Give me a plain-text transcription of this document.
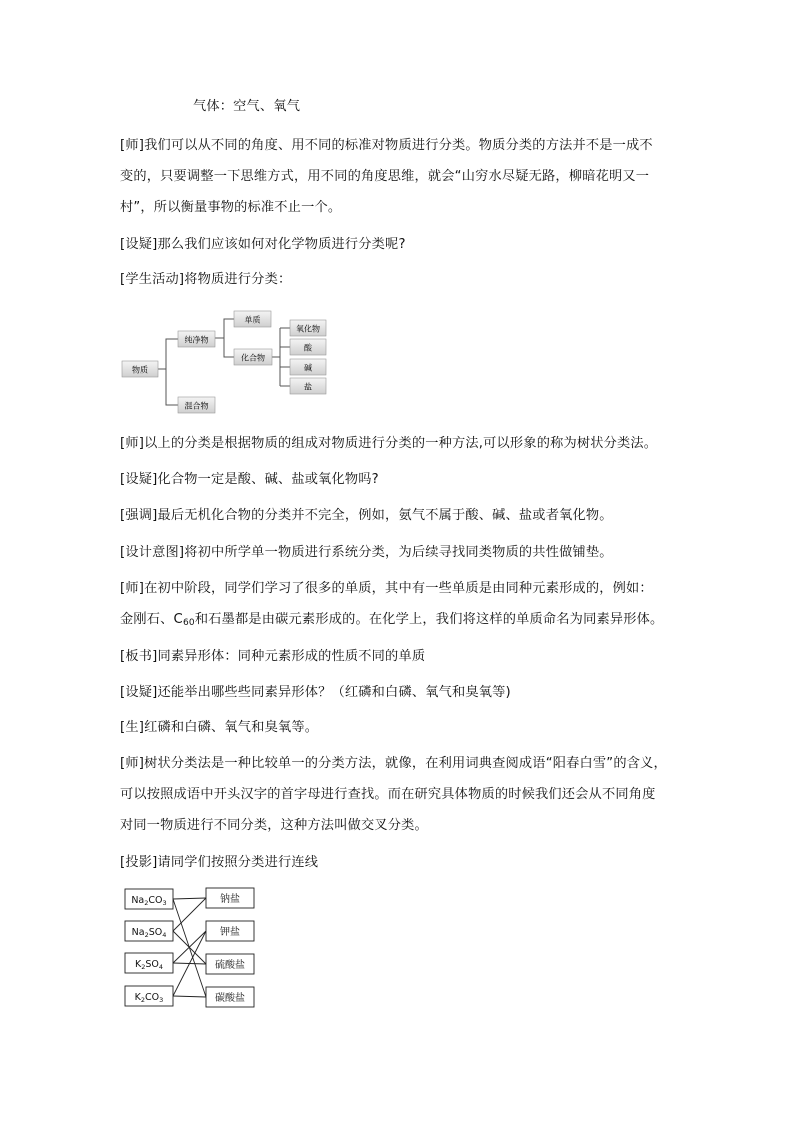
气体：空气、氧气
[师]我们可以从不同的角度、用不同的标准对物质进行分类。物质分类的方法并不是一成不
变的，只要调整一下思维方式，用不同的角度思维，就会“山穷水尽疑无路，柳暗花明又一
村”，所以衡量事物的标准不止一个。
[设疑]那么我们应该如何对化学物质进行分类呢?
[学生活动]将物质进行分类：
物质
纯净物
混合物
单质
化合物
氧化物
酸
碱
盐
[师]以上的分类是根据物质的组成对物质进行分类的一种方法,可以形象的称为树状分类法。
[设疑]化合物一定是酸、碱、盐或氧化物吗?
[强调]最后无机化合物的分类并不完全，例如，氨气不属于酸、碱、盐或者氧化物。
[设计意图]将初中所学单一物质进行系统分类，为后续寻找同类物质的共性做铺垫。
[师]在初中阶段，同学们学习了很多的单质，其中有一些单质是由同种元素形成的，例如：
金刚石、$C_{60}$和石墨都是由碳元素形成的。在化学上，我们将这样的单质命名为同素异形体。
[板书]同素异形体：同种元素形成的性质不同的单质
[设疑]还能举出哪些些同素异形体？（红磷和白磷、氧气和臭氧等)
[生]红磷和白磷、氧气和臭氧等。
[师]树状分类法是一种比较单一的分类方法，就像，在利用词典查阅成语“阳春白雪”的含义，
可以按照成语中开头汉字的首字母进行查找。而在研究具体物质的时候我们还会从不同角度
对同一物质进行不同分类，这种方法叫做交叉分类。
[投影]请同学们按照分类进行连线
$Na_2CO_3$
$Na_2SO_4$
$K_2SO_4$
$K_2CO_3$
钠盐
钾盐
硫酸盐
碳酸盐
